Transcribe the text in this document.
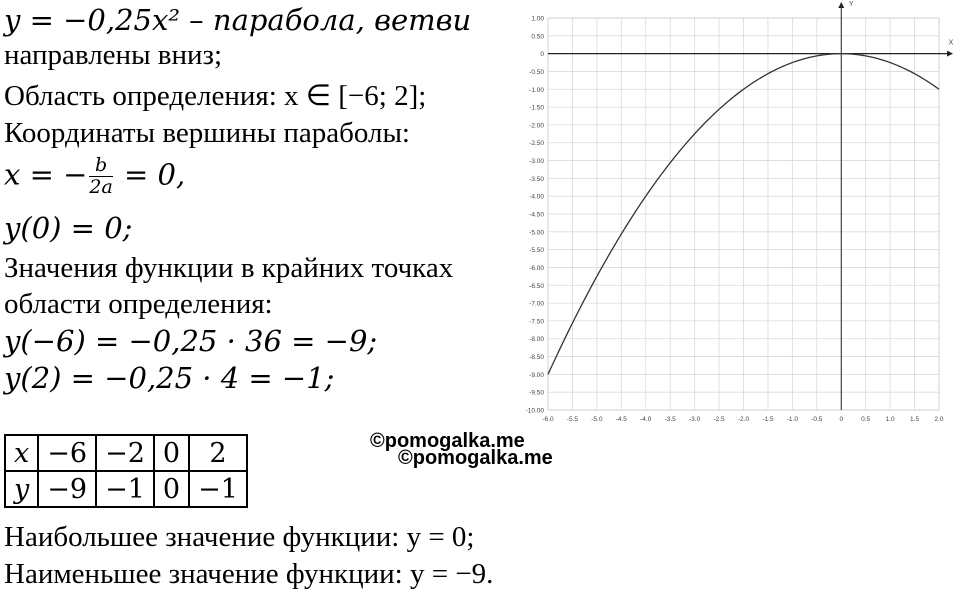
y = −0,25x² – парабола, ветви
направлены вниз;
Область определения: x ∈ [−6; 2];
Координаты вершины параболы:
x = − $\frac{b}{2a} = 0$,
y(0) = 0;
Значения функции в крайних точках
области определения:
y(−6) = −0,25 · 36 = −9;
y(2) = −0,25 · 4 = −1;
x	−6	−2	0	2
y	−9	−1	0	−1
©pomogalka.me
©pomogalka.me
Наибольшее значение функции: y = 0;
Наименьшее значение функции: y = −9.
X
Y
-6.0 -5.5 -5.0 -4.5 -4.0 -3.5 -3.0 -2.5 -2.0 -1.5 -1.0 -0.5	0	0.5 1.0 1.5 2.0
1.00
0.50
0
-0.50
-1.00
-1.50
-2.00
-2.50
-3.00
-3.50
-4.00
-4.50
-5.00
-5.50
-6.00
-6.50
-7.00
-7.50
-8.00
-8.50
-9.00
-9.50
-10.00
